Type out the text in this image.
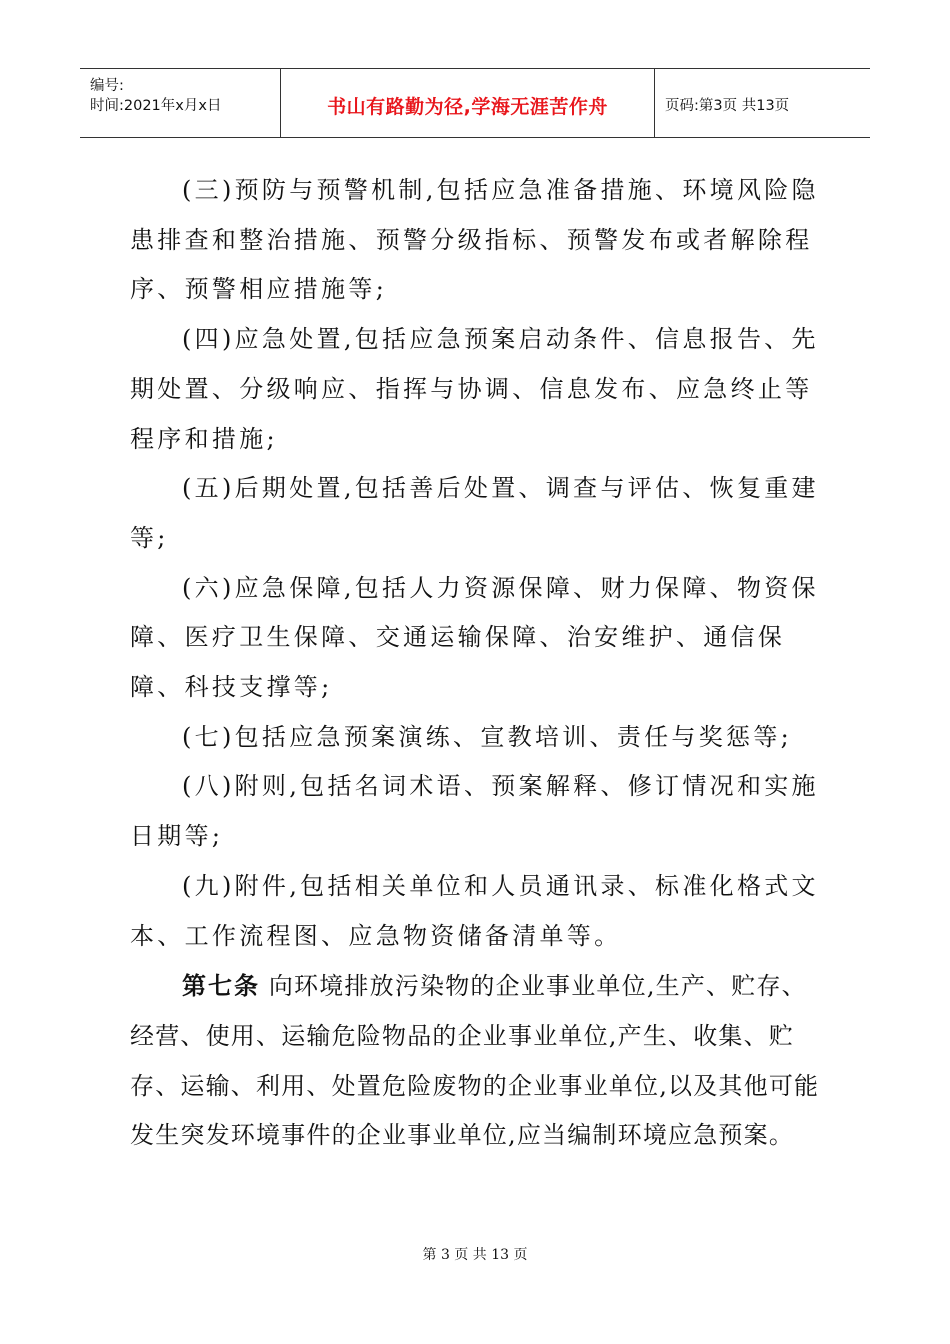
编号:
时间:2021年x月x日	书山有路勤为径,学海无涯苦作舟	页码:第3页 共13页

(三)预防与预警机制,包括应急准备措施、环境风险隐患排查和整治措施、预警分级指标、预警发布或者解除程序、预警相应措施等;

(四)应急处置,包括应急预案启动条件、信息报告、先期处置、分级响应、指挥与协调、信息发布、应急终止等程序和措施;

(五)后期处置,包括善后处置、调查与评估、恢复重建等;

(六)应急保障,包括人力资源保障、财力保障、物资保障、医疗卫生保障、交通运输保障、治安维护、通信保障、科技支撑等;

(七)包括应急预案演练、宣教培训、责任与奖惩等;

(八)附则,包括名词术语、预案解释、修订情况和实施日期等;

(九)附件,包括相关单位和人员通讯录、标准化格式文本、工作流程图、应急物资储备清单等。

第七条 向环境排放污染物的企业事业单位,生产、贮存、经营、使用、运输危险物品的企业事业单位,产生、收集、贮存、运输、利用、处置危险废物的企业事业单位,以及其他可能发生突发环境事件的企业事业单位,应当编制环境应急预案。

第 3 页 共 13 页
